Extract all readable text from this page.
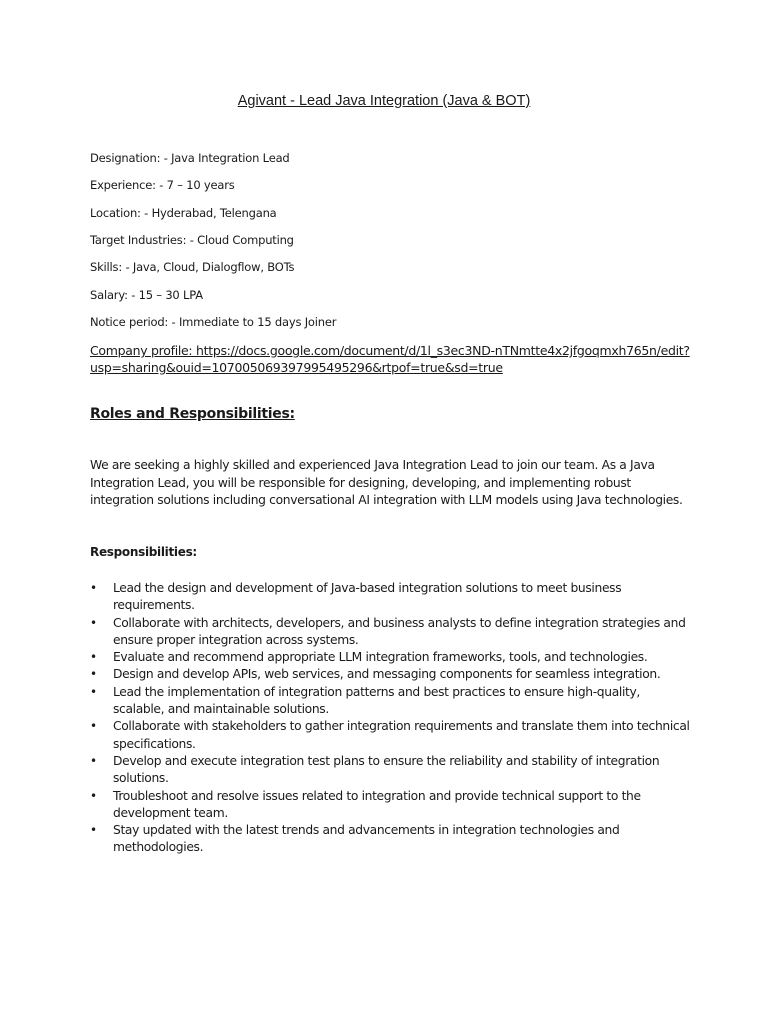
Agivant - Lead Java Integration (Java & BOT)
Designation: - Java Integration Lead
Experience: - 7 – 10 years
Location: - Hyderabad, Telengana
Target Industries: - Cloud Computing
Skills: - Java, Cloud, Dialogflow, BOTs
Salary: - 15 – 30 LPA
Notice period: - Immediate to 15 days Joiner
Company profile: https://docs.google.com/document/d/1l_s3ec3ND-nTNmtte4x2jfgoqmxh765n/edit?usp=sharing&ouid=107005069397995495296&rtpof=true&sd=true
Roles and Responsibilities:
We are seeking a highly skilled and experienced Java Integration Lead to join our team. As a Java Integration Lead, you will be responsible for designing, developing, and implementing robust integration solutions including conversational AI integration with LLM models using Java technologies.
Responsibilities:
• Lead the design and development of Java-based integration solutions to meet business requirements.
• Collaborate with architects, developers, and business analysts to define integration strategies and ensure proper integration across systems.
• Evaluate and recommend appropriate LLM integration frameworks, tools, and technologies.
• Design and develop APIs, web services, and messaging components for seamless integration.
• Lead the implementation of integration patterns and best practices to ensure high-quality, scalable, and maintainable solutions.
• Collaborate with stakeholders to gather integration requirements and translate them into technical specifications.
• Develop and execute integration test plans to ensure the reliability and stability of integration solutions.
• Troubleshoot and resolve issues related to integration and provide technical support to the development team.
• Stay updated with the latest trends and advancements in integration technologies and methodologies.
